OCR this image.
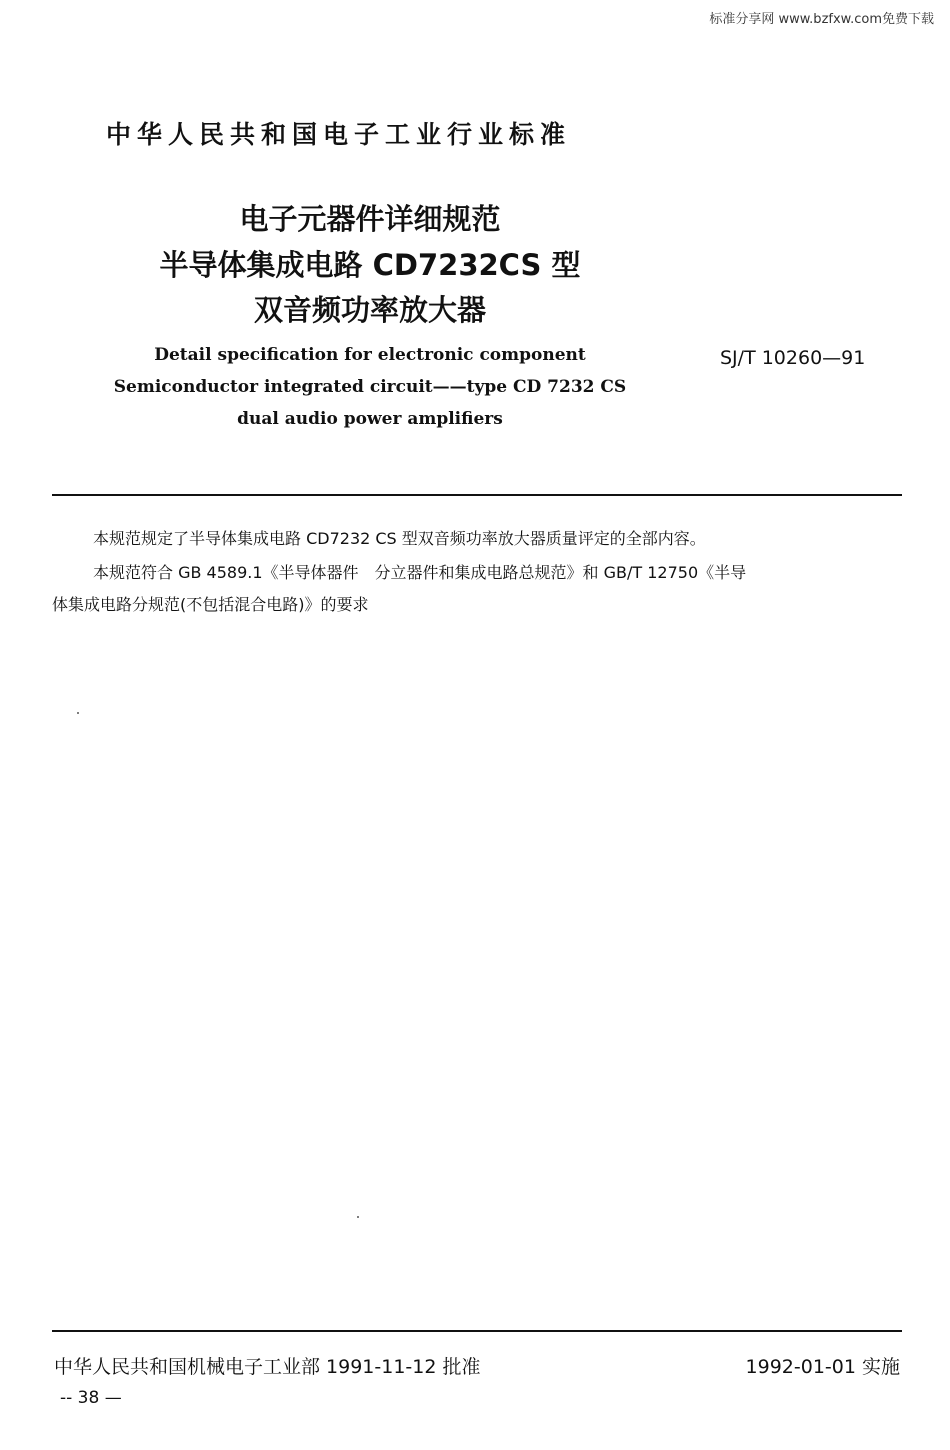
标准分享网 www.bzfxw.com免费下载
中华人民共和国电子工业行业标准
电子元器件详细规范
半导体集成电路 CD7232CS 型
双音频功率放大器
Detail specification for electronic component
Semiconductor integrated circuit——type CD 7232 CS
dual audio power amplifiers
SJ/T 10260—91
本规范规定了半导体集成电路 CD7232 CS 型双音频功率放大器质量评定的全部内容。
本规范符合 GB 4589.1《半导体器件　分立器件和集成电路总规范》和 GB/T 12750《半导
体集成电路分规范(不包括混合电路)》的要求
中华人民共和国机械电子工业部 1991-11-12 批准	1992-01-01 实施
-- 38 —
